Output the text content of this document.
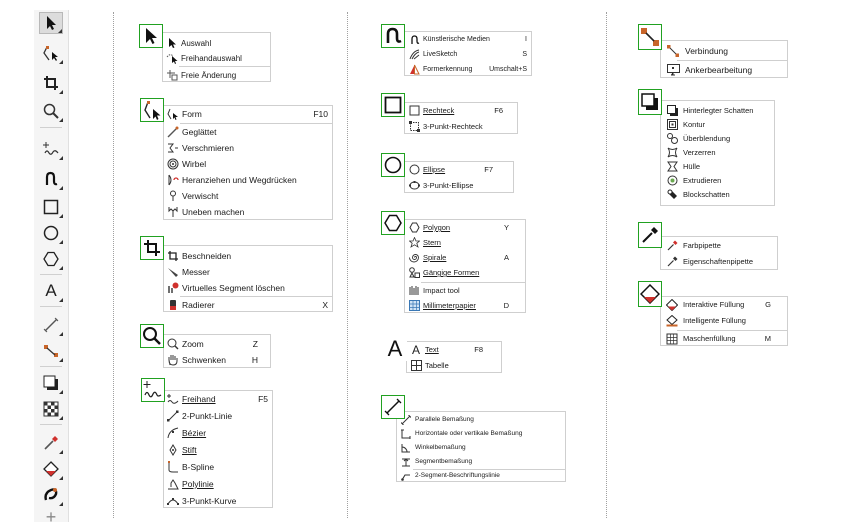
A
+
Auswahl
Freihandauswahl
Freie Änderung
Form	F10
Geglättet
Verschmieren
Wirbel
Heranziehen und Wegdrücken
Verwischt
Uneben machen
Beschneiden
Messer
Virtuelles Segment löschen
Radierer	X
Zoom	Z
Schwenken	H
Freihand	F5
2-Punkt-Linie
Bézier
Stift
B-Spline
Polylinie
3-Punkt-Kurve
Künstlerische Medien	I
LiveSketch	S
Formerkennung	Umschalt+S
Rechteck	F6
3-Punkt-Rechteck
Ellipse	F7
3-Punkt-Ellipse
Polygon	Y
Stern
Spirale	A
Gängige Formen
Impact tool
Millimeterpapier	D
A A Text	F8
Tabelle
Parallele Bemaßung
Horizontale oder vertikale Bemaßung
Winkelbemaßung
Segmentbemaßung
2-Segment-Beschriftungslinie
Verbindung
Ankerbearbeitung
Hinterlegter Schatten
Kontur
Überblendung
Verzerren
Hülle
Extrudieren
Blockschatten
Farbpipette
Eigenschaftenpipette
Interaktive Füllung	G
Intelligente Füllung
Maschenfüllung	M
